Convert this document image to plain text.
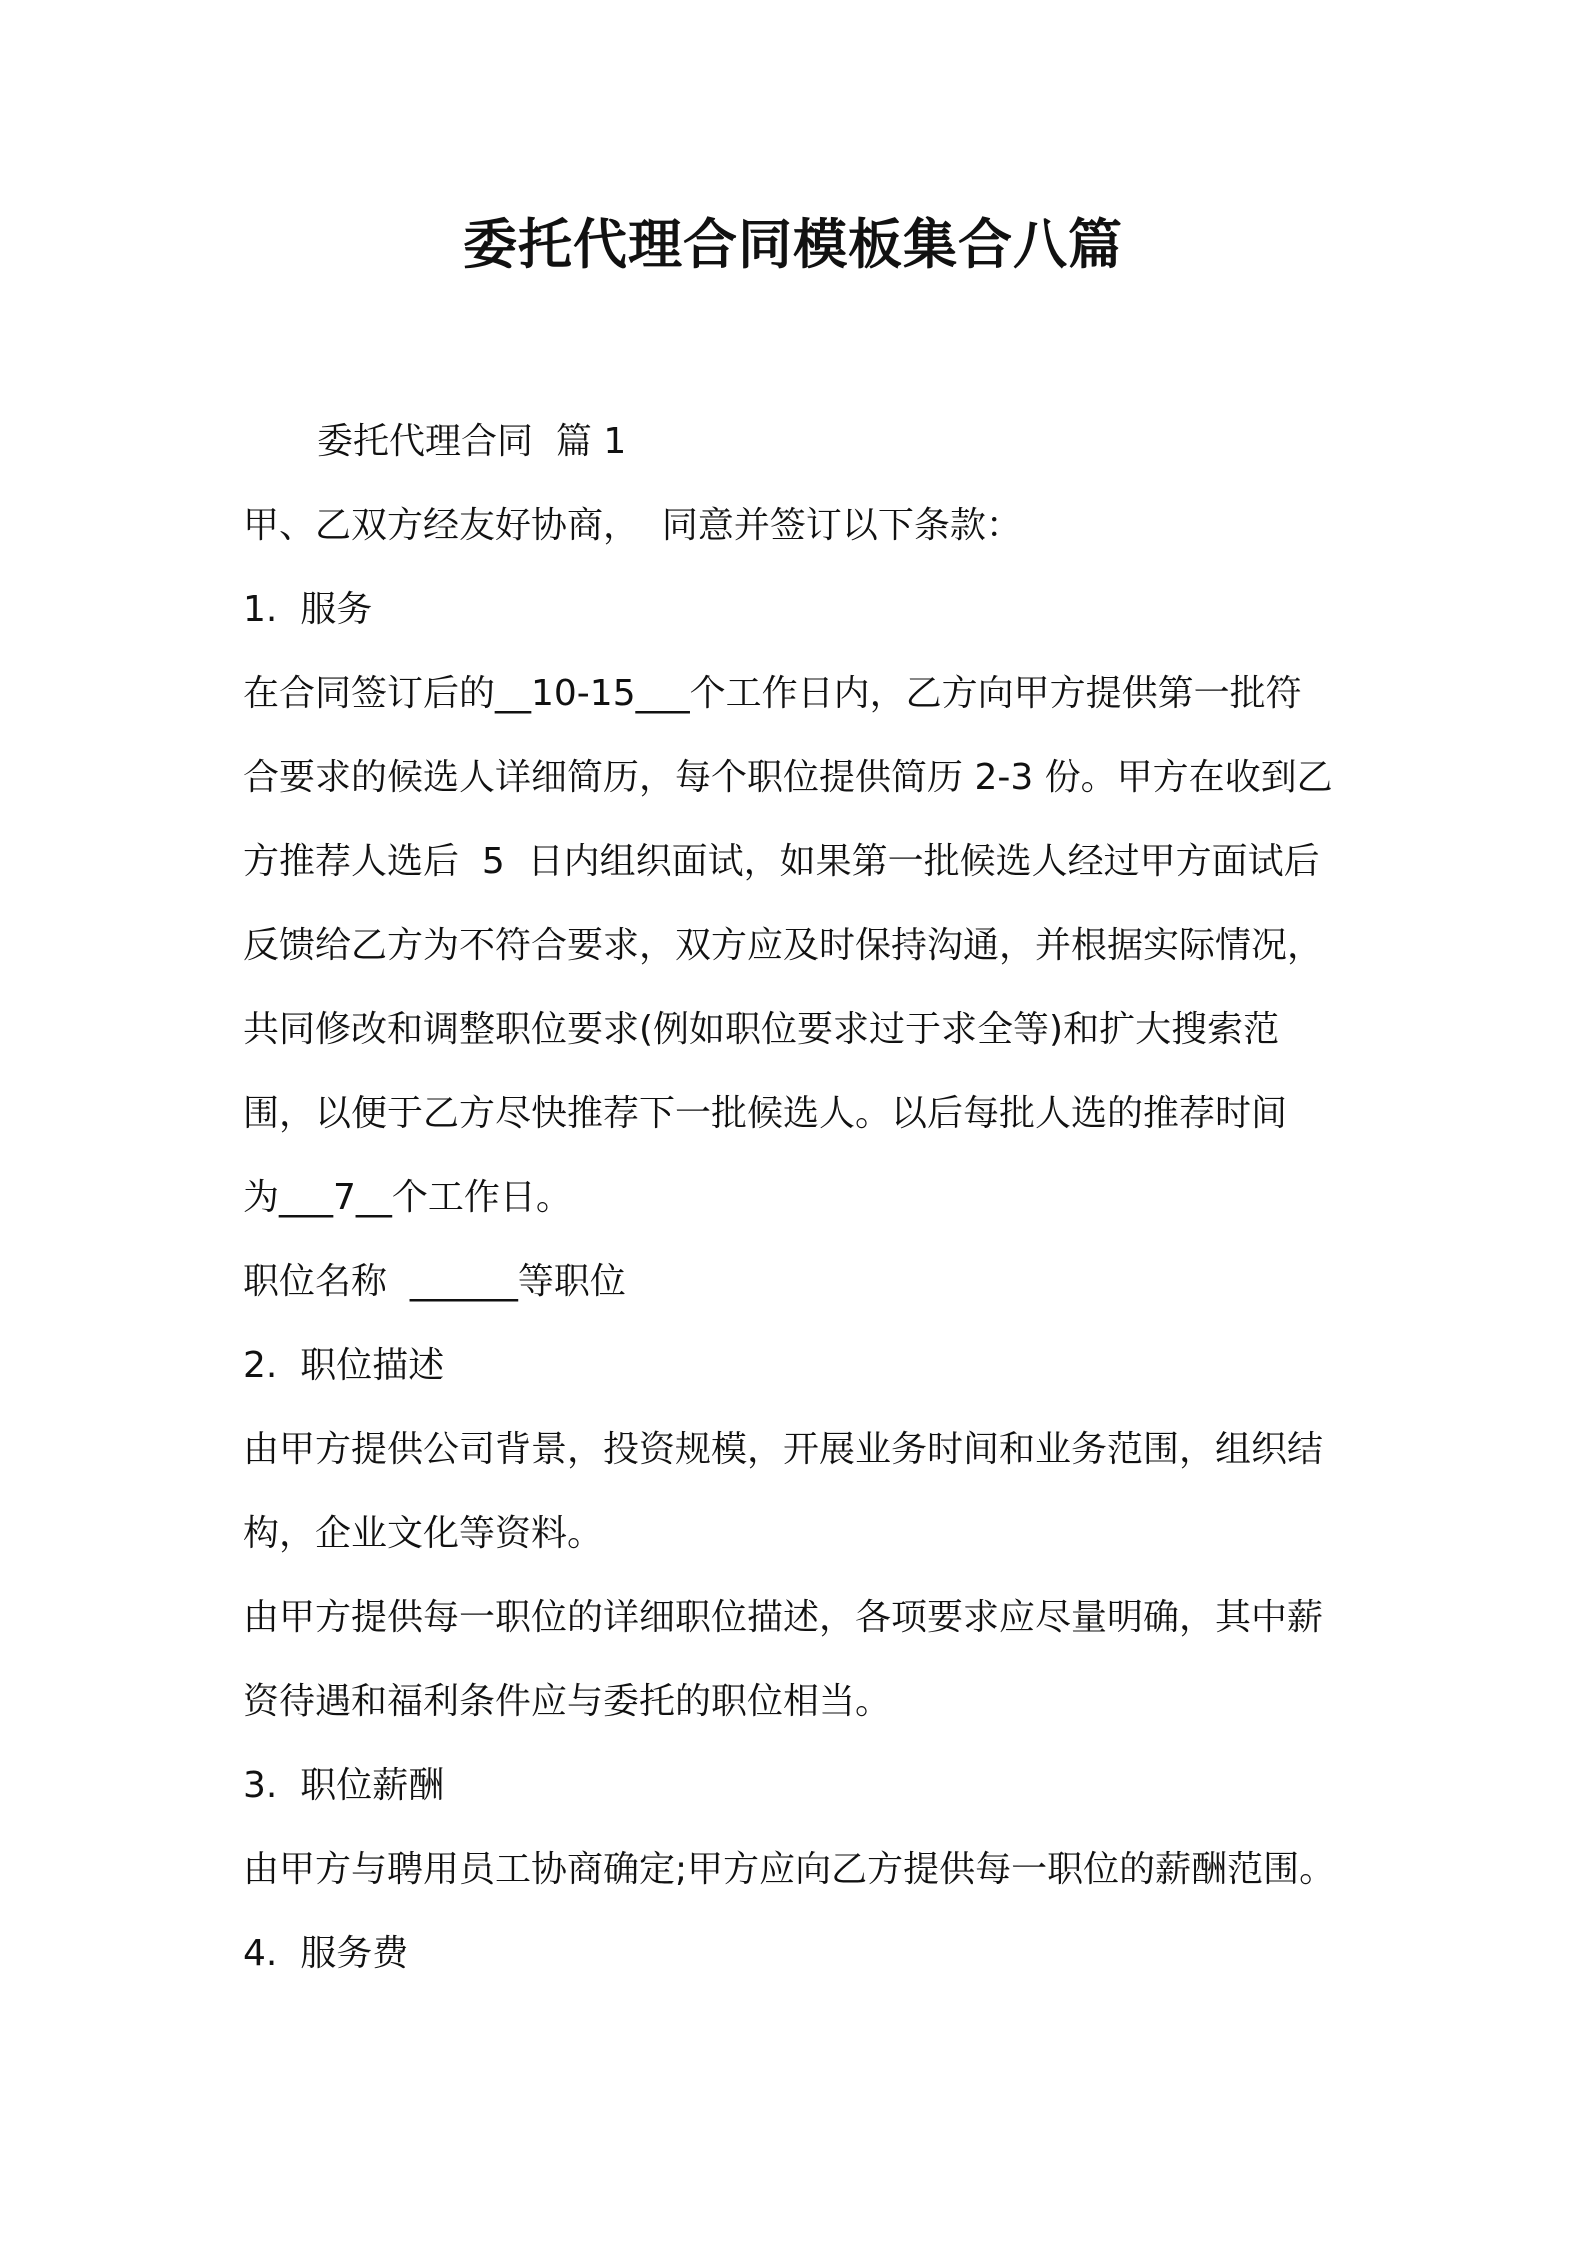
委托代理合同模板集合八篇
委托代理合同  篇 1
甲、乙双方经友好协商，  同意并签订以下条款：
1.  服务
在合同签订后的__10-15___个工作日内，乙方向甲方提供第一批符
合要求的候选人详细简历，每个职位提供简历 2-3 份。甲方在收到乙
方推荐人选后  5  日内组织面试，如果第一批候选人经过甲方面试后
反馈给乙方为不符合要求，双方应及时保持沟通，并根据实际情况，
共同修改和调整职位要求(例如职位要求过于求全等)和扩大搜索范
围，以便于乙方尽快推荐下一批候选人。以后每批人选的推荐时间
为___7__个工作日。
职位名称  ______等职位
2.  职位描述
由甲方提供公司背景，投资规模，开展业务时间和业务范围，组织结
构，企业文化等资料。
由甲方提供每一职位的详细职位描述，各项要求应尽量明确，其中薪
资待遇和福利条件应与委托的职位相当。
3.  职位薪酬
由甲方与聘用员工协商确定;甲方应向乙方提供每一职位的薪酬范围。
4.  服务费
